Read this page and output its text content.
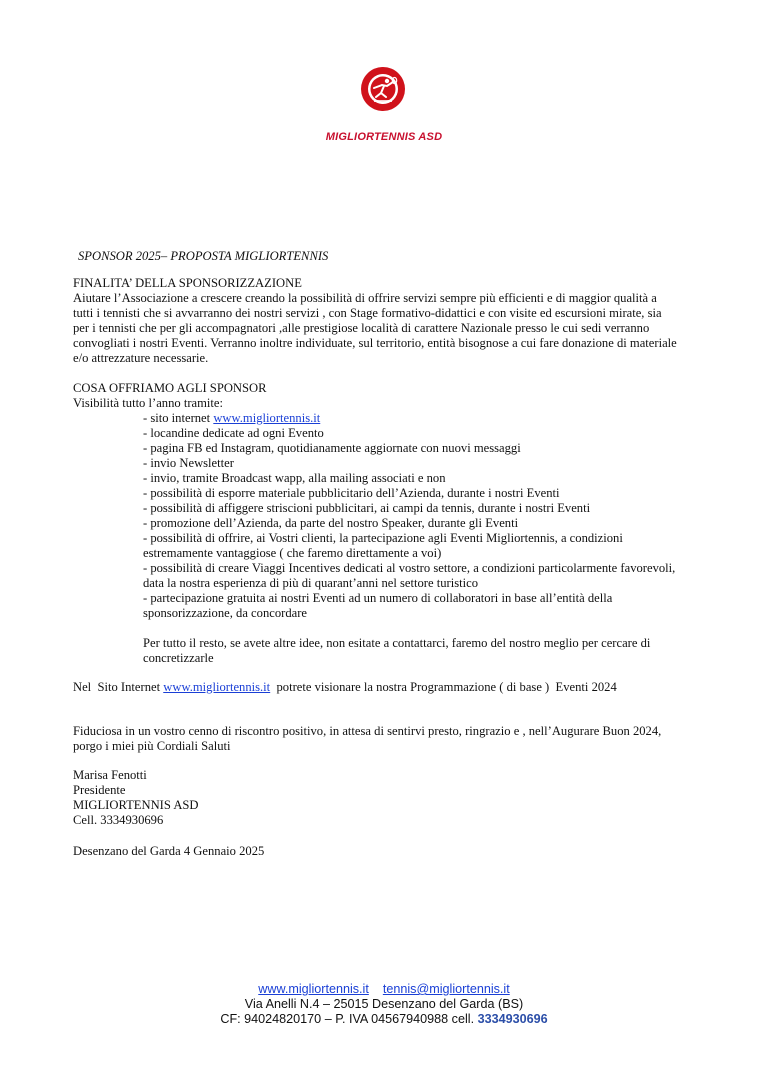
MIGLIORTENNIS ASD
SPONSOR 2025– PROPOSTA MIGLIORTENNIS
FINALITA’ DELLA SPONSORIZZAZIONE
Aiutare l’Associazione a crescere creando la possibilità di offrire servizi sempre più efficienti e di maggior qualità a
tutti i tennisti che si avvarranno dei nostri servizi , con Stage formativo-didattici e con visite ed escursioni mirate, sia
per i tennisti che per gli accompagnatori ,alle prestigiose località di carattere Nazionale presso le cui sedi verranno
convogliati i nostri Eventi. Verranno inoltre individuate, sul territorio, entità bisognose a cui fare donazione di materiale
e/o attrezzature necessarie.
COSA OFFRIAMO AGLI SPONSOR
Visibilità tutto l’anno tramite:
- sito internet www.migliortennis.it
- locandine dedicate ad ogni Evento
- pagina FB ed Instagram, quotidianamente aggiornate con nuovi messaggi
- invio Newsletter
- invio, tramite Broadcast wapp, alla mailing associati e non
- possibilità di esporre materiale pubblicitario dell’Azienda, durante i nostri Eventi
- possibilità di affiggere striscioni pubblicitari, ai campi da tennis, durante i nostri Eventi
- promozione dell’Azienda, da parte del nostro Speaker, durante gli Eventi
- possibilità di offrire, ai Vostri clienti, la partecipazione agli Eventi Migliortennis, a condizioni
estremamente vantaggiose ( che faremo direttamente a voi)
- possibilità di creare Viaggi Incentives dedicati al vostro settore, a condizioni particolarmente favorevoli,
data la nostra esperienza di più di quarant’anni nel settore turistico
- partecipazione gratuita ai nostri Eventi ad un numero di collaboratori in base all’entità della
sponsorizzazione, da concordare
Per tutto il resto, se avete altre idee, non esitate a contattarci, faremo del nostro meglio per cercare di
concretizzarle
Nel  Sito Internet www.migliortennis.it  potrete visionare la nostra Programmazione ( di base )  Eventi 2024
Fiduciosa in un vostro cenno di riscontro positivo, in attesa di sentirvi presto, ringrazio e , nell’Augurare Buon 2024,
porgo i miei più Cordiali Saluti
Marisa Fenotti
Presidente
MIGLIORTENNIS ASD
Cell. 3334930696
Desenzano del Garda 4 Gennaio 2025
www.migliortennis.it tennis@migliortennis.it
Via Anelli N.4 – 25015 Desenzano del Garda (BS)
CF: 94024820170 – P. IVA 04567940988 cell. 3334930696
